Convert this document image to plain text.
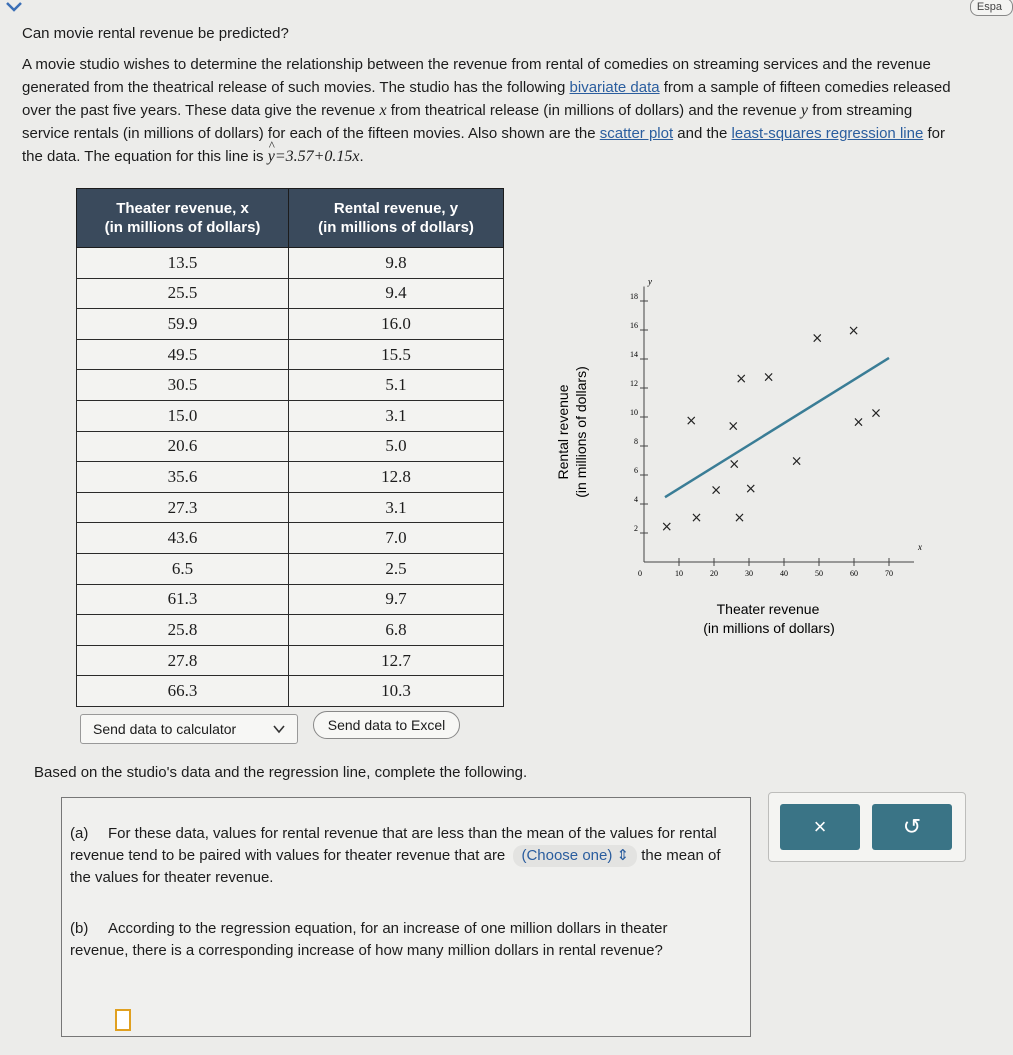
Espa
Can movie rental revenue be predicted?
A movie studio wishes to determine the relationship between the revenue from rental of comedies on streaming services and the revenue generated from the theatrical release of such movies. The studio has the following bivariate data from a sample of fifteen comedies released over the past five years. These data give the revenue x from theatrical release (in millions of dollars) and the revenue y from streaming service rentals (in millions of dollars) for each of the fifteen movies. Also shown are the scatter plot and the least-squares regression line for the data. The equation for this line is ^ y=3.57+0.15x.
Theater revenue, x
(in millions of dollars)	Rental revenue, y
(in millions of dollars)
13.5	9.8
25.5	9.4
59.9	16.0
49.5	15.5
30.5	5.1
15.0	3.1
20.6	5.0
35.6	12.8
27.3	3.1
43.6	7.0
6.5	2.5
61.3	9.7
25.8	6.8
27.8	12.7
66.3	10.3
Send data to calculator	Send data to Excel
0
x
y
10	20	30	40	50	60	70
2
4
6
8
10
12
14
16
18
× ×
×
×
×
×
×
×
×
×
×
×
×
×
×
Rental revenue (in millions of dollars)
Theater revenue
(in millions of dollars)
Based on the studio's data and the regression line, complete the following.
(a) For these data, values for rental revenue that are less than the mean of the values for rental revenue tend to be paired with values for theater revenue that are (Choose one) ⇕ the mean of the values for theater revenue.
(b) According to the regression equation, for an increase of one million dollars in theater revenue, there is a corresponding increase of how many million dollars in rental revenue?
×	↺
